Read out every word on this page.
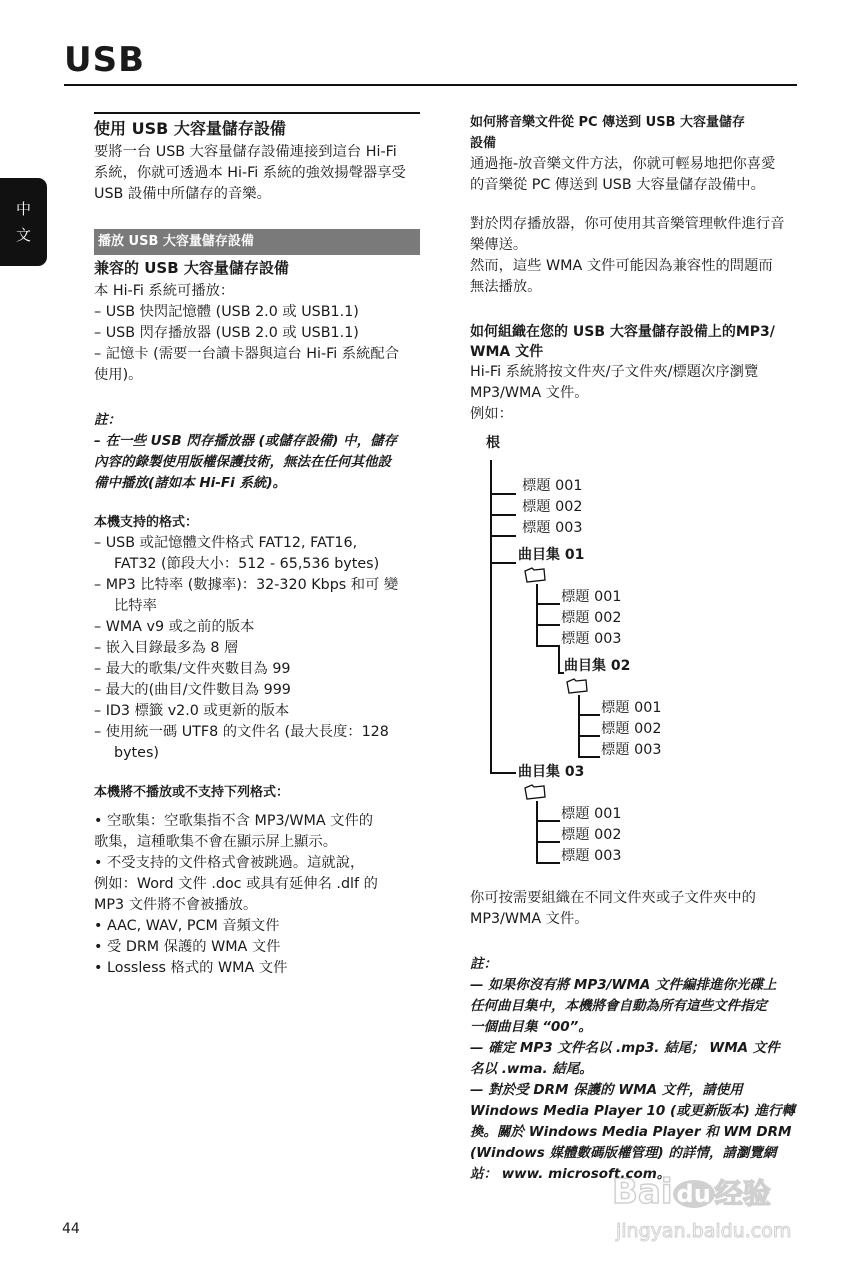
USB
中
文
使用 USB 大容量儲存設備

要將一台 USB 大容量儲存設備連接到這台 Hi-Fi

系統，你就可透過本 Hi-Fi 系統的強效揚聲器享受

USB 設備中所儲存的音樂。

播放 USB 大容量儲存設備
兼容的 USB 大容量儲存設備

本 Hi-Fi 系統可播放：

– USB 快閃記憶體 (USB 2.0 或 USB1.1)

– USB 閃存播放器 (USB 2.0 或 USB1.1)

– 記憶卡 (需要一台讀卡器與這台 Hi-Fi 系統配合

使用)。

註：

– 在一些 USB 閃存播放器 (或儲存設備) 中，儲存

內容的錄製使用版權保護技術，無法在任何其他設

備中播放(諸如本 Hi-Fi 系統)。

本機支持的格式：

– USB 或記憶體文件格式 FAT12, FAT16,

FAT32 (節段大小：512 - 65,536 bytes)

– MP3 比特率 (數據率)：32-320 Kbps 和可 變

比特率

– WMA v9 或之前的版本

– 嵌入目錄最多為 8 層

– 最大的歌集/文件夾數目為 99

– 最大的(曲目/文件數目為 999

– ID3 標籤 v2.0 或更新的版本

– 使用統一碼 UTF8 的文件名 (最大長度：128

bytes)

本機將不播放或不支持下列格式：

• 空歌集：空歌集指不含 MP3/WMA 文件的

歌集，這種歌集不會在顯示屏上顯示。

• 不受支持的文件格式會被跳過。這就說，

例如：Word 文件 .doc 或具有延伸名 .dlf 的

MP3 文件將不會被播放。

• AAC, WAV, PCM 音頻文件

• 受 DRM 保護的 WMA 文件

• Lossless 格式的 WMA 文件

如何將音樂文件從 PC 傳送到 USB 大容量儲存

設備

通過拖-放音樂文件方法，你就可輕易地把你喜愛

的音樂從 PC 傳送到 USB 大容量儲存設備中。

對於閃存播放器，你可使用其音樂管理軟件進行音

樂傳送。

然而，這些 WMA 文件可能因為兼容性的問題而

無法播放。

如何組織在您的 USB 大容量儲存設備上的MP3/

WMA 文件

Hi-Fi 系統將按文件夾/子文件夾/標題次序瀏覽

MP3/WMA 文件。

例如：

根
標題 001
標題 002
標題 003
曲目集 01
標題 001
標題 002
標題 003
曲目集 02
標題 001
標題 002
標題 003
曲目集 03
標題 001
標題 002
標題 003

你可按需要組織在不同文件夾或子文件夾中的

MP3/WMA 文件。

註：

— 如果你沒有將 MP3/WMA 文件編排進你光碟上

任何曲目集中，本機將會自動為所有這些文件指定

一個曲目集 “00”。

— 確定 MP3 文件名以 .mp3. 結尾； WMA 文件

名以 .wma. 結尾。

— 對於受 DRM 保護的 WMA 文件，請使用

Windows Media Player 10 (或更新版本) 進行轉

換。關於 Windows Media Player 和 WM DRM

(Windows 媒體數碼版權管理) 的詳情，請瀏覽網

站： www. microsoft.com。

44

Bai du 经验
jingyan.baidu.com
